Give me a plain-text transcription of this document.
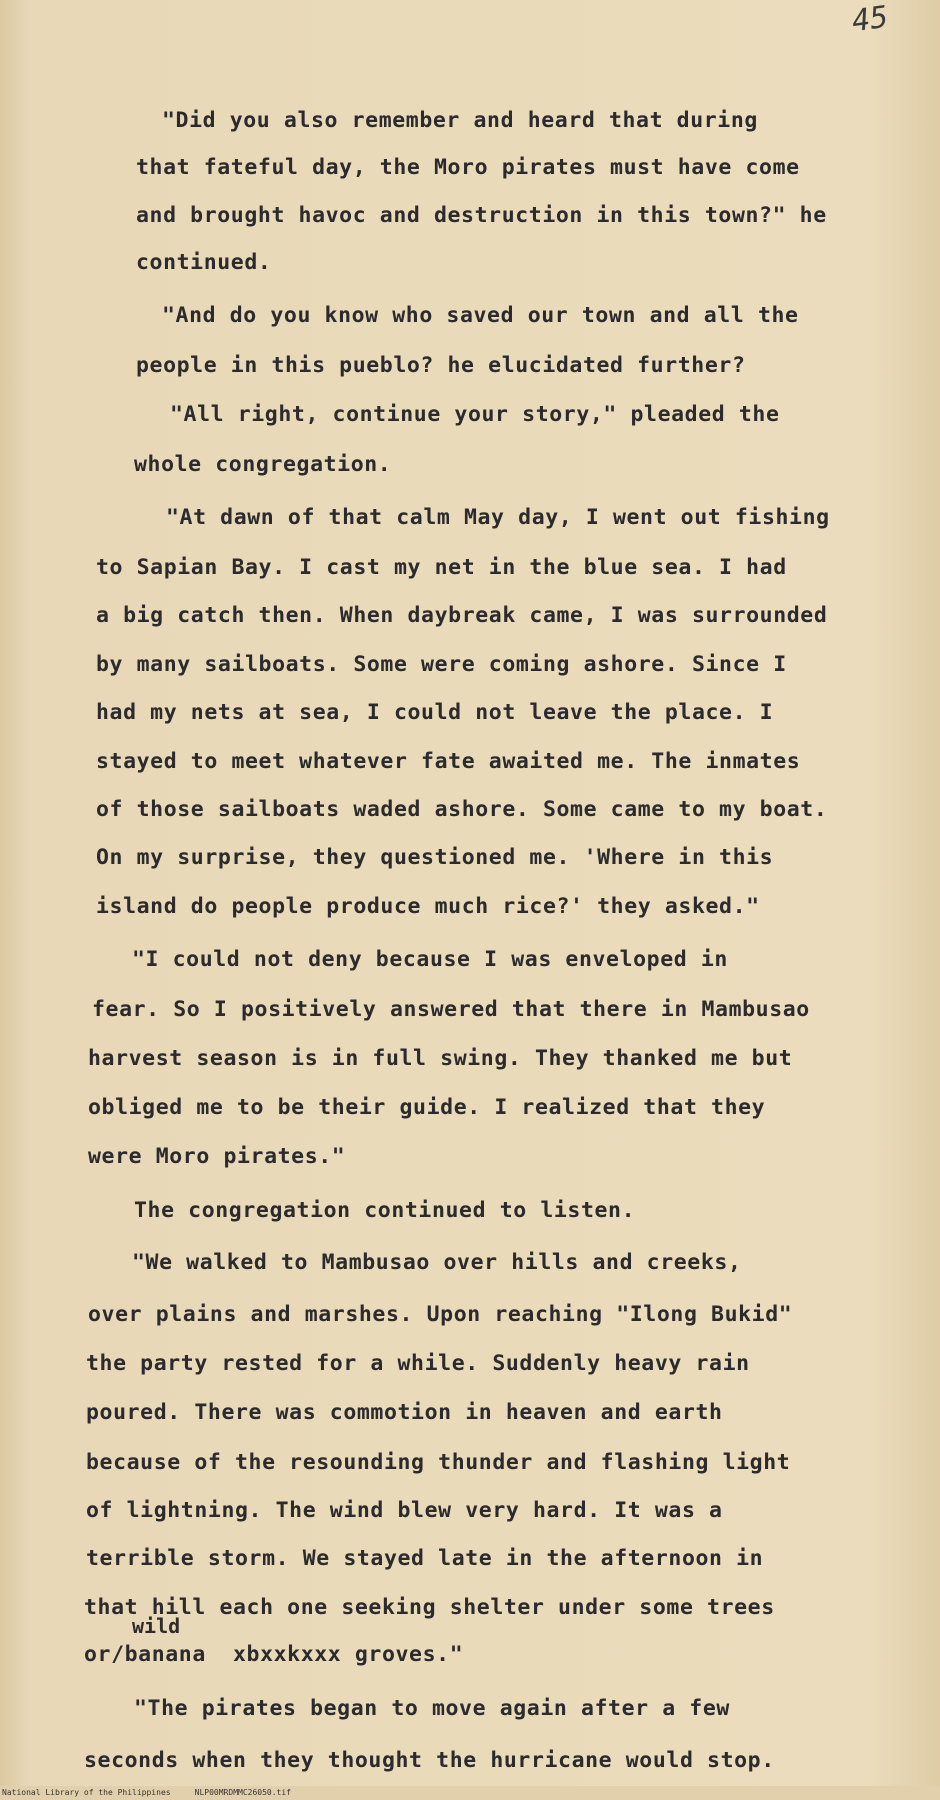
45
"Did you also remember and heard that during
that fateful day, the Moro pirates must have come
and brought havoc and destruction in this town?" he
continued.
"And do you know who saved our town and all the
people in this pueblo? he elucidated further?
"All right, continue your story," pleaded the
whole congregation.
"At dawn of that calm May day, I went out fishing
to Sapian Bay. I cast my net in the blue sea. I had
a big catch then. When daybreak came, I was surrounded
by many sailboats. Some were coming ashore. Since I
had my nets at sea, I could not leave the place. I
stayed to meet whatever fate awaited me. The inmates
of those sailboats waded ashore. Some came to my boat.
On my surprise, they questioned me. 'Where in this
island do people produce much rice?' they asked."
"I could not deny because I was enveloped in
fear. So I positively answered that there in Mambusao
harvest season is in full swing. They thanked me but
obliged me to be their guide. I realized that they
were Moro pirates."
The congregation continued to listen.
"We walked to Mambusao over hills and creeks,
over plains and marshes. Upon reaching "Ilong Bukid"
the party rested for a while. Suddenly heavy rain
poured. There was commotion in heaven and earth
because of the resounding thunder and flashing light
of lightning. The wind blew very hard. It was a
terrible storm. We stayed late in the afternoon in
that hill each one seeking shelter under some trees
wild
or/banana  xbxxkxxx groves."
"The pirates began to move again after a few
seconds when they thought the hurricane would stop.
National Library of the Philippines     NLP00MRDMMC26050.tif
